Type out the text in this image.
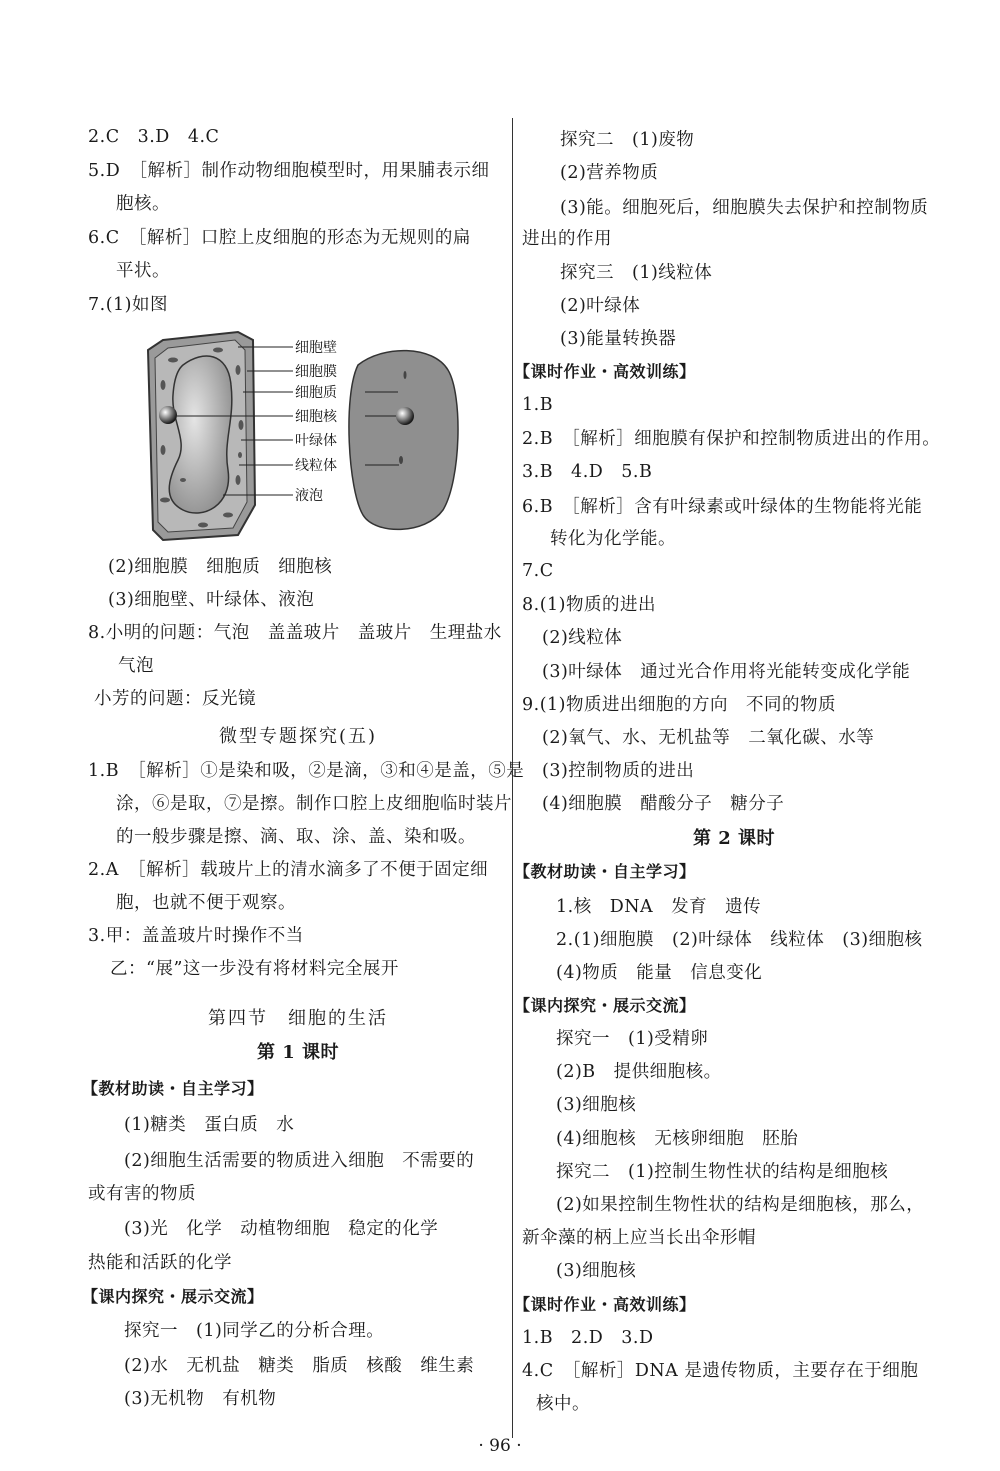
2.C　3.D　4.C
5.D　［解析］制作动物细胞模型时，用果脯表示细
胞核。
6.C　［解析］口腔上皮细胞的形态为无规则的扁
平状。
7.(1)如图
细胞壁
细胞膜
细胞质
细胞核
叶绿体
线粒体
液泡
(2)细胞膜　细胞质　细胞核
(3)细胞壁、叶绿体、液泡
8.小明的问题：气泡　盖盖玻片　盖玻片　生理盐水
气泡
小芳的问题：反光镜
微型专题探究(五)
1.B　［解析］①是染和吸，②是滴，③和④是盖，⑤是
涂，⑥是取，⑦是擦。制作口腔上皮细胞临时装片
的一般步骤是擦、滴、取、涂、盖、染和吸。
2.A　［解析］载玻片上的清水滴多了不便于固定细
胞，也就不便于观察。
3.甲：盖盖玻片时操作不当
乙：“展”这一步没有将材料完全展开
第四节　细胞的生活
第 1 课时
【教材助读・自主学习】
(1)糖类　蛋白质　水
(2)细胞生活需要的物质进入细胞　不需要的
或有害的物质
(3)光　化学　动植物细胞　稳定的化学
热能和活跃的化学
【课内探究・展示交流】
探究一　(1)同学乙的分析合理。
(2)水　无机盐　糖类　脂质　核酸　维生素
(3)无机物　有机物
探究二　(1)废物
(2)营养物质
(3)能。细胞死后，细胞膜失去保护和控制物质
进出的作用
探究三　(1)线粒体
(2)叶绿体
(3)能量转换器
【课时作业・高效训练】
1.B
2.B　［解析］细胞膜有保护和控制物质进出的作用。
3.B　4.D　5.B
6.B　［解析］含有叶绿素或叶绿体的生物能将光能
转化为化学能。
7.C
8.(1)物质的进出
(2)线粒体
(3)叶绿体　通过光合作用将光能转变成化学能
9.(1)物质进出细胞的方向　不同的物质
(2)氧气、水、无机盐等　二氧化碳、水等
(3)控制物质的进出
(4)细胞膜　醋酸分子　糖分子
第 2 课时
【教材助读・自主学习】
1.核　DNA　发育　遗传
2.(1)细胞膜　(2)叶绿体　线粒体　(3)细胞核
(4)物质　能量　信息变化
【课内探究・展示交流】
探究一　(1)受精卵
(2)B　提供细胞核。
(3)细胞核
(4)细胞核　无核卵细胞　胚胎
探究二　(1)控制生物性状的结构是细胞核
(2)如果控制生物性状的结构是细胞核，那么，
新伞藻的柄上应当长出伞形帽
(3)细胞核
【课时作业・高效训练】
1.B　2.D　3.D
4.C　［解析］DNA 是遗传物质，主要存在于细胞
核中。
· 96 ·
